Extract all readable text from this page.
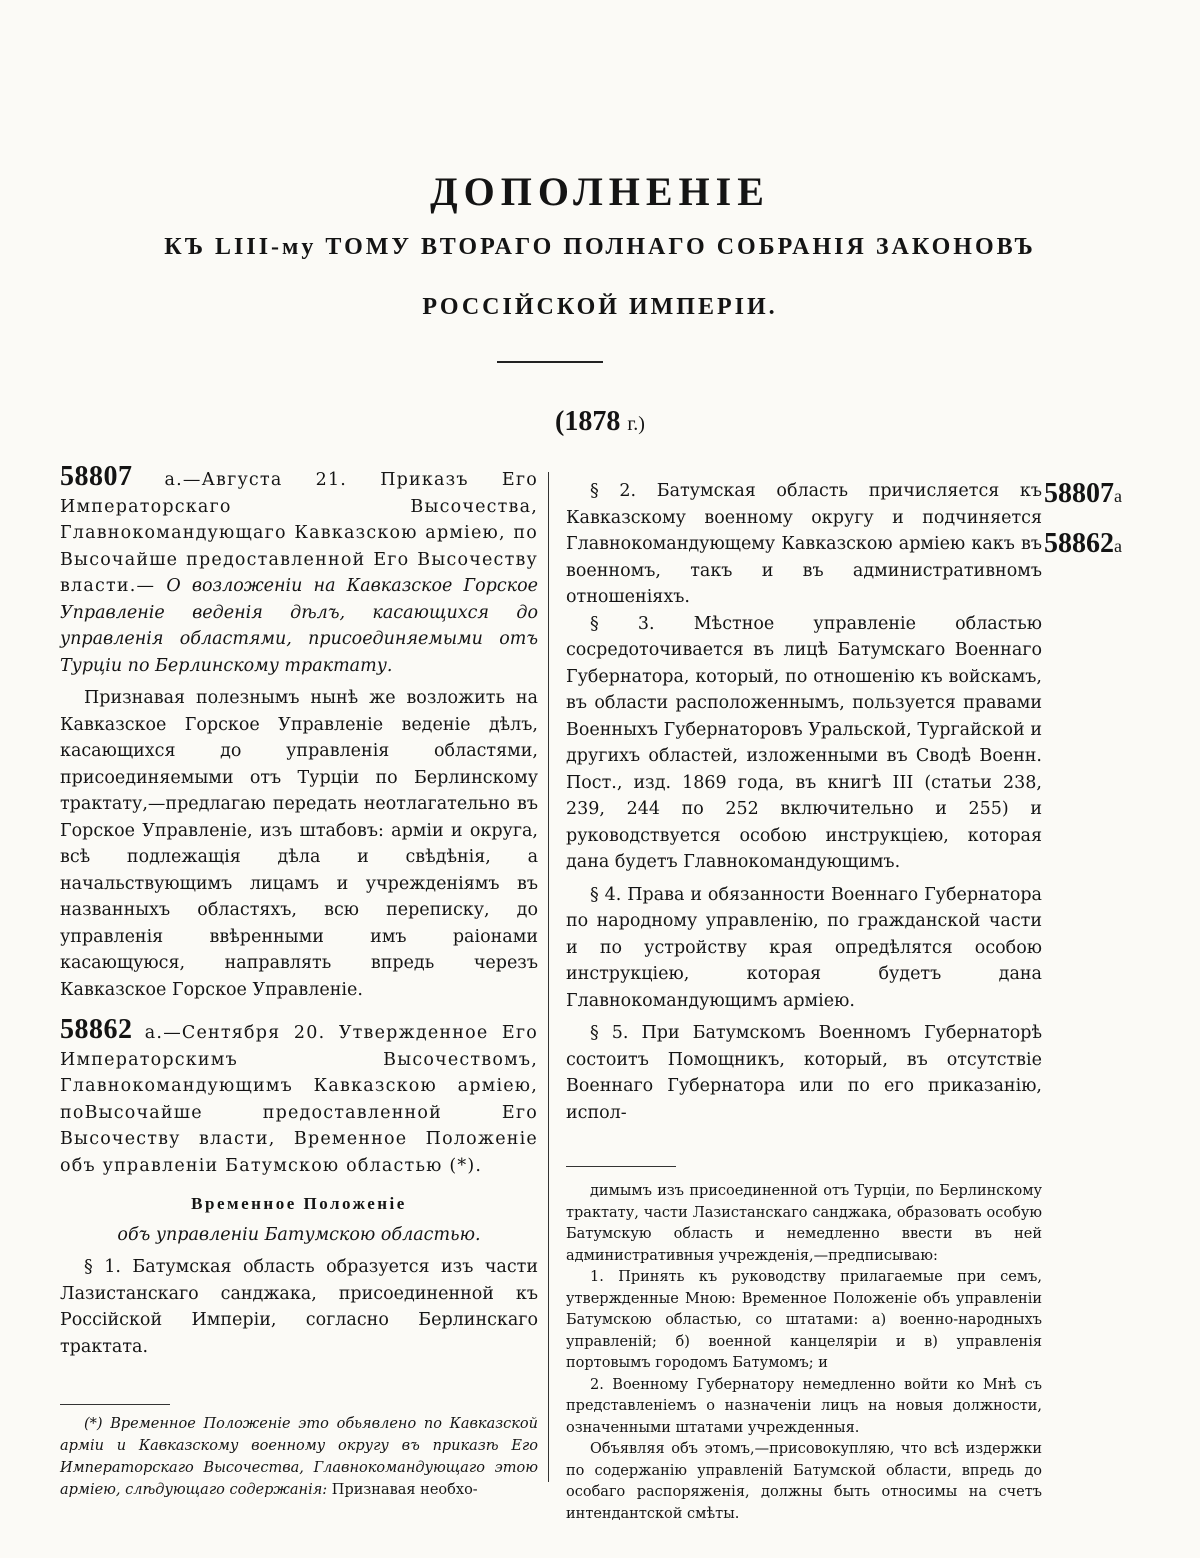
ДОПОЛНЕНІЕ
КЪ LIII-му ТОМУ ВТОРАГО ПОЛНАГО СОБРАНІЯ ЗАКОНОВЪ
РОССІЙСКОЙ ИМПЕРІИ.
(1878 г.)

58807 а.—Августа 21. Приказъ Его Императорскаго Высочества, Главнокомандующаго Кавказскою арміею, по Высочайше предоставленной Его Высочеству власти.— О возложеніи на Кавказское Горское Управленіе веденія дѣлъ, касающихся до управленія областями, присоединяемыми отъ Турціи по Берлинскому трактату.

Признавая полезнымъ нынѣ же возложить на Кавказское Горское Управленіе веденіе дѣлъ, касающихся до управленія областями, присоединяемыми отъ Турціи по Берлинскому трактату,—предлагаю передать неотлагательно въ Горское Управленіе, изъ штабовъ: арміи и округа, всѣ подлежащія дѣла и свѣдѣнія, а начальствующимъ лицамъ и учрежденіямъ въ названныхъ областяхъ, всю переписку, до управленія ввѣренными имъ раіонами касающуюся, направлять впредь черезъ Кавказское Горское Управленіе.

58862 а.—Сентября 20. Утвержденное Его Императорскимъ Высочествомъ, Главнокомандующимъ Кавказскою арміею, поВысочайше предоставленной Его Высочеству власти, Временное Положеніе объ управленіи Батумскою областью (*).

Временное Положеніе
объ управленіи Батумскою областью.

§ 1. Батумская область образуется изъ части Лазистанскаго санджака, присоединенной къ Россійской Имперіи, согласно Берлинскаго трактата.

(*) Временное Положеніе это обьявлено по Кавказской арміи и Кавказскому военному округу въ приказѣ Его Императорскаго Высочества, Главнокомандующаго этою арміею, слѣдующаго содержанія: Признавая необхо-

§ 2. Батумская область причисляется къ Кавказскому военному округу и подчиняется Главнокомандующему Кавказскою арміею какъ въ военномъ, такъ и въ административномъ отношеніяхъ.

§ 3. Мѣстное управленіе областью сосредоточивается въ лицѣ Батумскаго Военнаго Губернатора, который, по отношенію къ войскамъ, въ области расположеннымъ, пользуется правами Военныхъ Губернаторовъ Уральской, Тургайской и другихъ областей, изложенными въ Сводѣ Военн. Пост., изд. 1869 года, въ книгѣ III (статьи 238, 239, 244 по 252 включительно и 255) и руководствуется особою инструкціею, которая дана будетъ Главнокомандующимъ.

§ 4. Права и обязанности Военнаго Губернатора по народному управленію, по гражданской части и по устройству края опредѣлятся особою инструкціею, которая будетъ дана Главнокомандующимъ арміею.

§ 5. При Батумскомъ Военномъ Губернаторѣ состоитъ Помощникъ, который, въ отсутствіе Военнаго Губернатора или по его приказанію, испол-

димымъ изъ присоединенной отъ Турціи, по Берлинскому трактату, части Лазистанскаго санджака, образовать особую Батумскую область и немедленно ввести въ ней административныя учрежденія,—предписываю:

1. Принять къ руководству прилагаемые при семъ, утвержденные Мною: Временное Положеніе объ управленіи Батумскою областью, со штатами: а) военно-народныхъ управленій; б) военной канцеляріи и в) управленія портовымъ городомъ Батумомъ; и

2. Военному Губернатору немедленно войти ко Мнѣ съ представленіемъ о назначеніи лицъ на новыя должности, означенными штатами учрежденныя.

Объявляя объ этомъ,—присовокупляю, что всѣ издержки по содержанію управленій Батумской области, впредь до особаго распоряженія, должны быть относимы на счетъ интендантской смѣты.

58807а
58862а
